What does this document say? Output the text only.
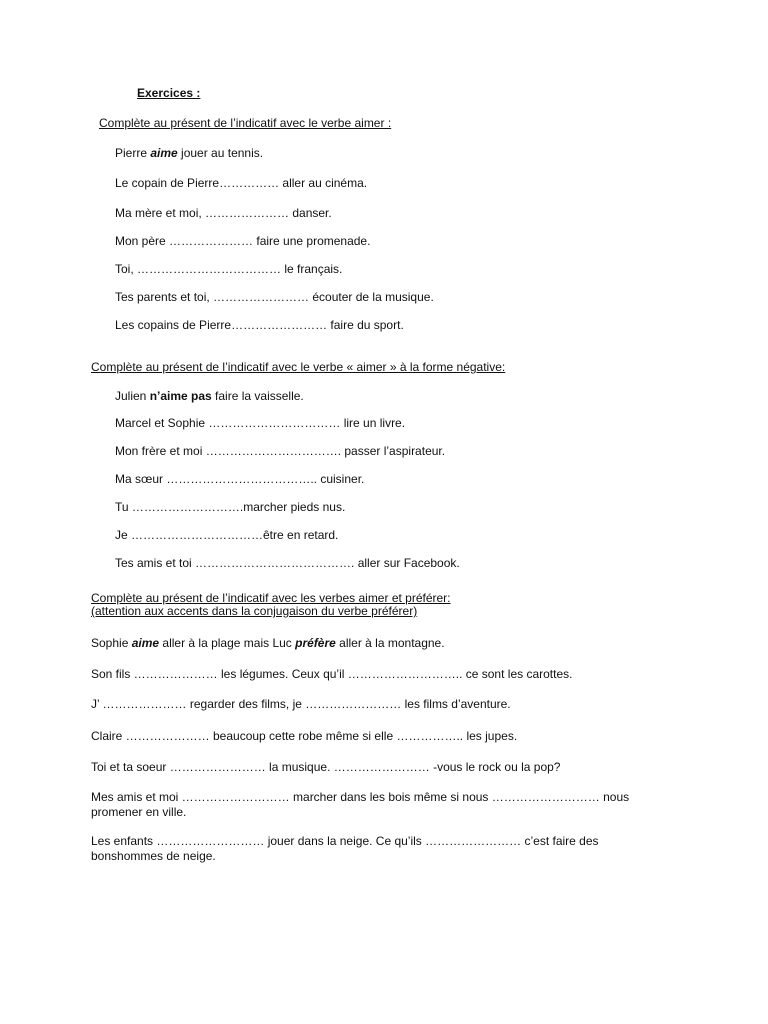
Exercices :
Complète au présent de l’indicatif avec le verbe aimer :
Pierre aime jouer au tennis.
Le copain de Pierre…………… aller au cinéma.
Ma mère et moi, ………………… danser.
Mon père ………………… faire une promenade.
Toi, ……………………………… le français.
Tes parents et toi, …………………… écouter de la musique.
Les copains de Pierre…………………… faire du sport.
Complète au présent de l’indicatif avec le verbe « aimer » à la forme négative:
Julien n’aime pas faire la vaisselle.
Marcel et Sophie …………………………… lire un livre.
Mon frère et moi ……………………………. passer l’aspirateur.
Ma sœur ……………………………….. cuisiner.
Tu ……………………….marcher pieds nus.
Je ……………………………être en retard.
Tes amis et toi …………………………………. aller sur Facebook.
Complète au présent de l’indicatif avec les verbes aimer et préférer:
(attention aux accents dans la conjugaison du verbe préférer)
Sophie aime aller à la plage mais Luc préfère aller à la montagne.
Son fils ………………… les légumes. Ceux qu’il ……………………….. ce sont les carottes.
J’ ………………… regarder des films, je …………………… les films d’aventure.
Claire ………………… beaucoup cette robe même si elle …………….. les jupes.
Toi et ta soeur …………………… la musique. …………………… -vous le rock ou la pop?
Mes amis et moi ……………………… marcher dans les bois même si nous ……………………… nous promener en ville.
Les enfants ……………………… jouer dans la neige. Ce qu’ils …………………… c’est faire des bonshommes de neige.
